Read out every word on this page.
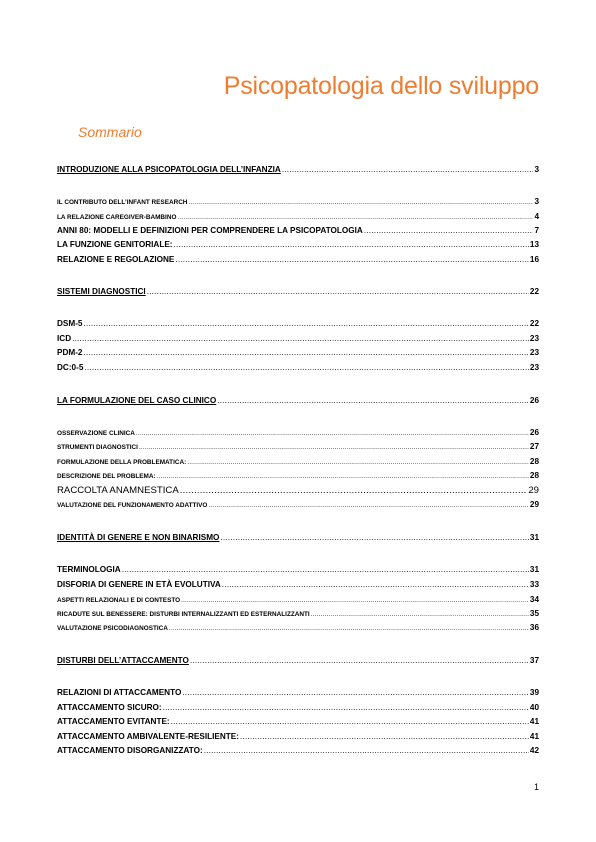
Psicopatologia dello sviluppo
Sommario
INTRODUZIONE ALLA PSICOPATOLOGIA DELL’INFANZIA .....	3
IL CONTRIBUTO DELL’INFANT RESEARCH .....	3
LA RELAZIONE CAREGIVER-BAMBINO .....	4
ANNI 80: MODELLI E DEFINIZIONI PER COMPRENDERE LA PSICOPATOLOGIA .....	7
LA FUNZIONE GENITORIALE: .....	13
RELAZIONE E REGOLAZIONE .....	16
SISTEMI DIAGNOSTICI .....	22
DSM-5 .....	22
ICD .....	23
PDM-2 .....	23
DC:0-5 .....	23
LA FORMULAZIONE DEL CASO CLINICO .....	26
OSSERVAZIONE CLINICA .....	26
STRUMENTI DIAGNOSTICI .....	27
FORMULAZIONE DELLA PROBLEMATICA: .....	28
DESCRIZIONE DEL PROBLEMA: .....	28
RACCOLTA ANAMNESTICA .....	29
VALUTAZIONE DEL FUNZIONAMENTO ADATTIVO .....	29
IDENTITÀ DI GENERE E NON BINARISMO .....	31
TERMINOLOGIA .....	31
DISFORIA DI GENERE IN ETÀ EVOLUTIVA .....	33
ASPETTI RELAZIONALI E DI CONTESTO .....	34
RICADUTE SUL BENESSERE: DISTURBI INTERNALIZZANTI ED ESTERNALIZZANTI .....	35
VALUTAZIONE PSICODIAGNOSTICA .....	36
DISTURBI DELL’ATTACCAMENTO .....	37
RELAZIONI DI ATTACCAMENTO .....	39
ATTACCAMENTO SICURO: .....	40
ATTACCAMENTO EVITANTE: .....	41
ATTACCAMENTO AMBIVALENTE-RESILIENTE: .....	41
ATTACCAMENTO DISORGANIZZATO: .....	42
1
